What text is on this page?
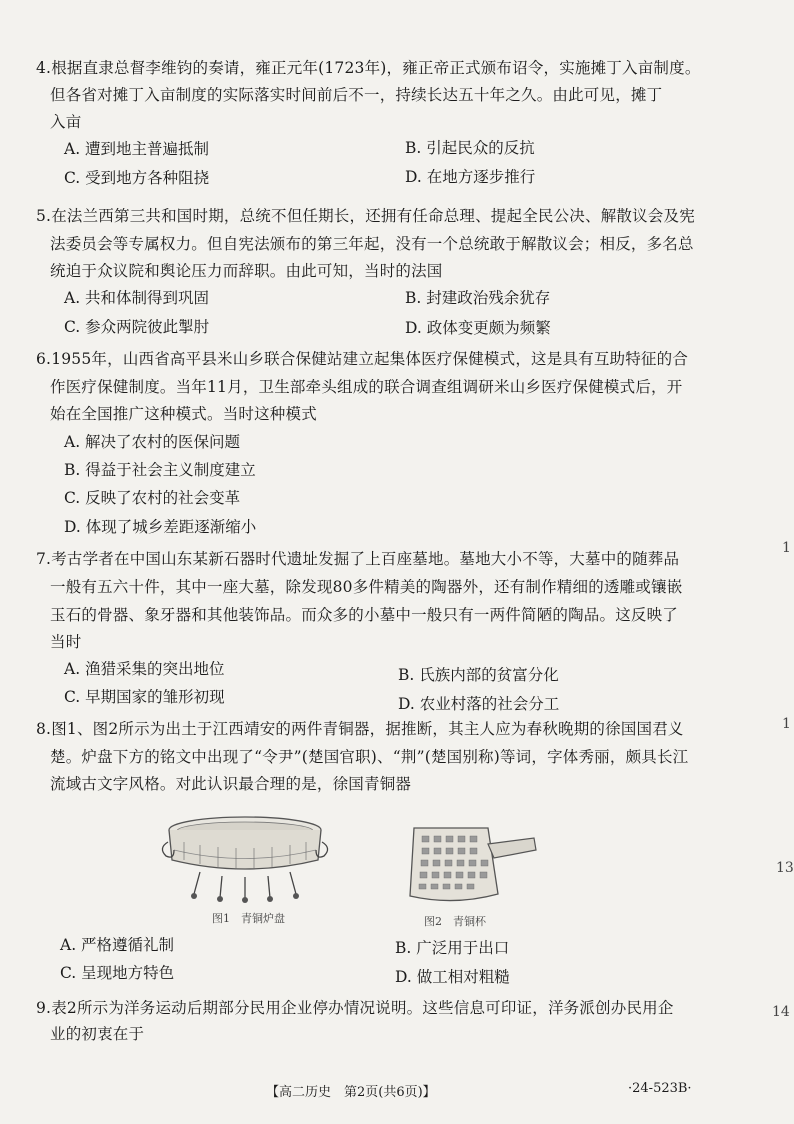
4.根据直隶总督李维钧的奏请，雍正元年(1723年)，雍正帝正式颁布诏令，实施摊丁入亩制度。
但各省对摊丁入亩制度的实际落实时间前后不一，持续长达五十年之久。由此可见，摊丁
入亩
A. 遭到地主普遍抵制	B. 引起民众的反抗
C. 受到地方各种阻挠	D. 在地方逐步推行
5.在法兰西第三共和国时期，总统不但任期长，还拥有任命总理、提起全民公决、解散议会及宪
法委员会等专属权力。但自宪法颁布的第三年起，没有一个总统敢于解散议会；相反，多名总
统迫于众议院和舆论压力而辞职。由此可知，当时的法国
A. 共和体制得到巩固	B. 封建政治残余犹存
C. 参众两院彼此掣肘	D. 政体变更颇为频繁
6.1955年，山西省高平县米山乡联合保健站建立起集体医疗保健模式，这是具有互助特征的合
作医疗保健制度。当年11月，卫生部牵头组成的联合调查组调研米山乡医疗保健模式后，开
始在全国推广这种模式。当时这种模式
A. 解决了农村的医保问题
B. 得益于社会主义制度建立
C. 反映了农村的社会变革
D. 体现了城乡差距逐渐缩小
7.考古学者在中国山东某新石器时代遗址发掘了上百座墓地。墓地大小不等，大墓中的随葬品
一般有五六十件，其中一座大墓，除发现80多件精美的陶器外，还有制作精细的透雕或镶嵌
玉石的骨器、象牙器和其他装饰品。而众多的小墓中一般只有一两件简陋的陶品。这反映了
当时
A. 渔猎采集的突出地位	B. 氏族内部的贫富分化
C. 早期国家的雏形初现	D. 农业村落的社会分工
8.图1、图2所示为出土于江西靖安的两件青铜器，据推断，其主人应为春秋晚期的徐国国君义
楚。炉盘下方的铭文中出现了“令尹”(楚国官职)、“荆”(楚国别称)等词，字体秀丽，颇具长江
流域古文字风格。对此认识最合理的是，徐国青铜器
图1　青铜炉盘	图2　青铜杯
A. 严格遵循礼制	B. 广泛用于出口
C. 呈现地方特色	D. 做工相对粗糙
9.表2所示为洋务运动后期部分民用企业停办情况说明。这些信息可印证，洋务派创办民用企
业的初衷在于
1
1
13
14
【高二历史　第2页(共6页)】	·24-523B·
